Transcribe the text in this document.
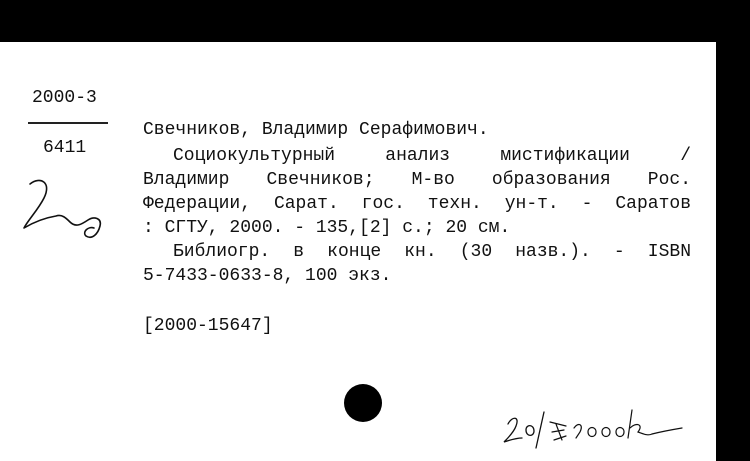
2000-3
6411
Свечников, Владимир Серафимович.
Социокультурный анализ мистификации /
Владимир Свечников; М-во образования Рос.
Федерации, Сарат. гос. техн. ун-т. - Саратов
: СГТУ, 2000. - 135,[2] с.; 20 см.
Библиогр. в конце кн. (30 назв.). - ISBN
5-7433-0633-8, 100 экз.
[2000-15647]
